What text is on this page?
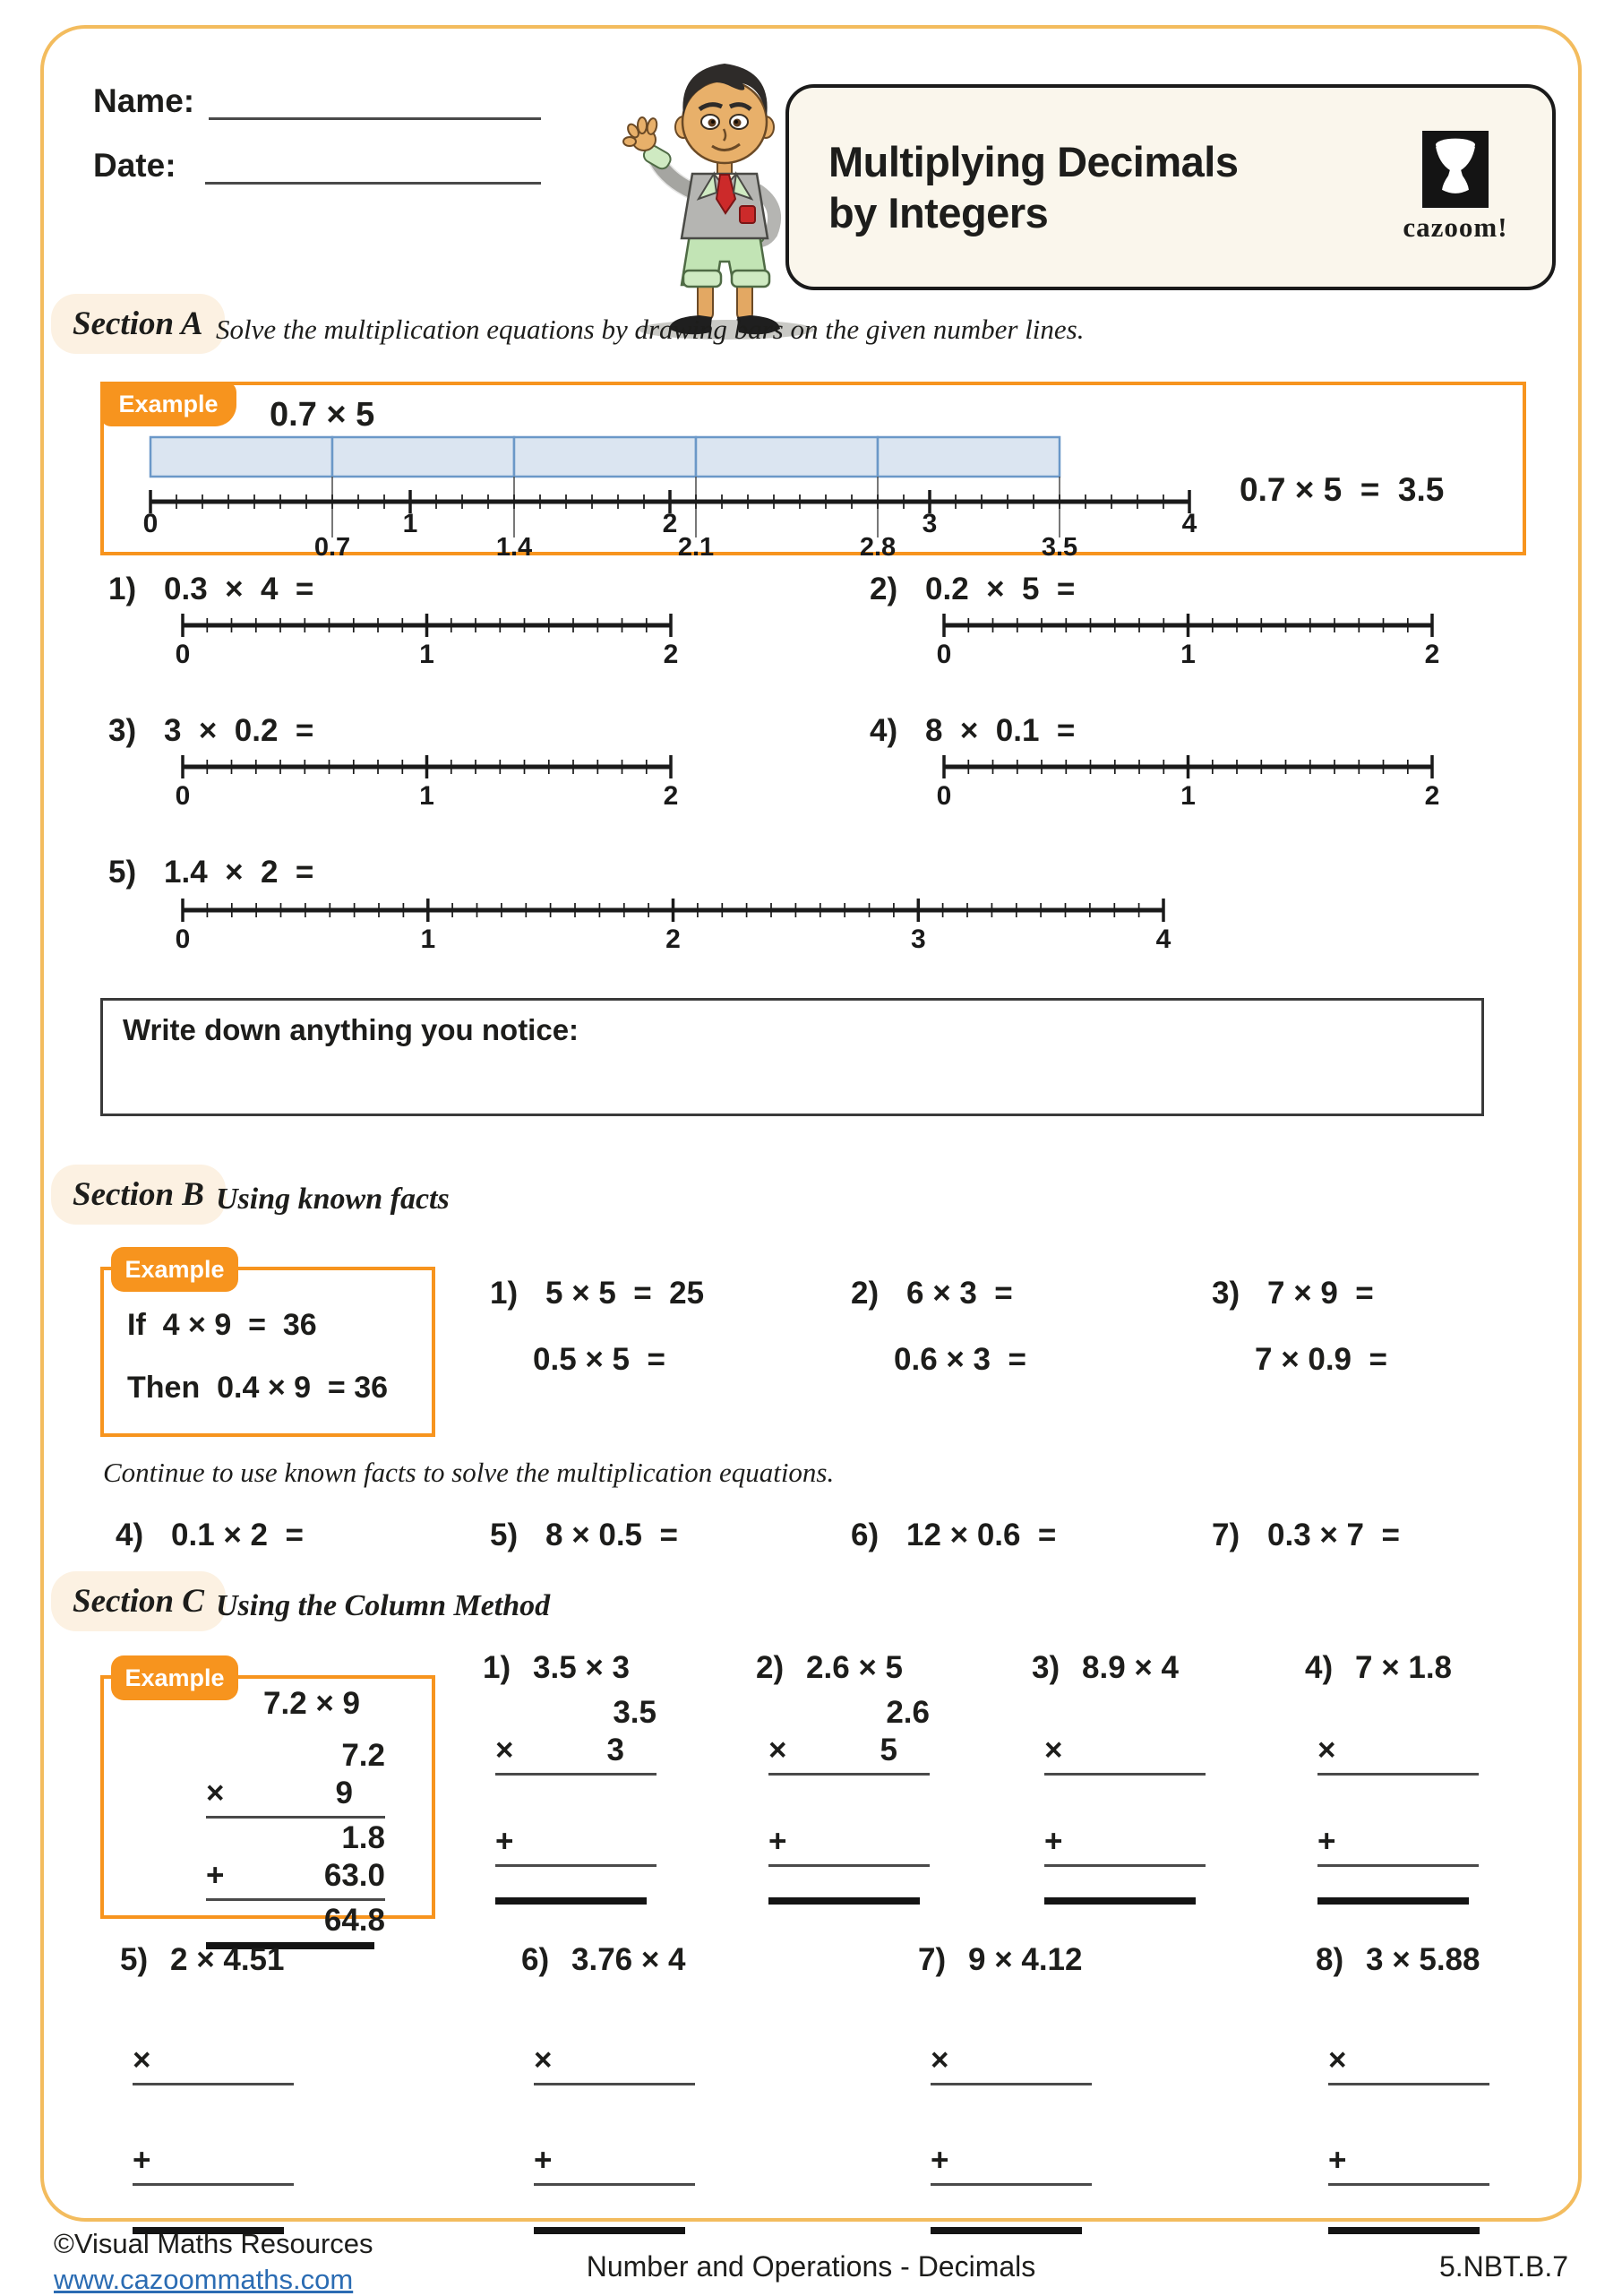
Name:
Date:	Multiplying Decimals
by Integers	cazoom!
Section A Solve the multiplication equations by drawing bars on the given number lines.
Example	0.7 × 5
0.7	1.4	2.1	2.8	3.5
0	1	2	3	4
0.7 × 5  =  3.5
1) 0.3  ×  4  =
0	1	2
2) 0.2  ×  5  =
0	1	2
3) 3  ×  0.2  =
0	1	2
4) 8  ×  0.1  =
0	1	2
5) 1.4  ×  2  =
0	1	2	3	4
Write down anything you notice:
Section B Using known facts
Example
If  4 × 9  =  36
Then  0.4 × 9  = 36
1) 5 × 5  =  25
0.5 × 5  =
2) 6 × 3  =
0.6 × 3  =
3) 7 × 9  =
7 × 0.9  =
Continue to use known facts to solve the multiplication equations.
4) 0.1 × 2  =	5) 8 × 0.5  =	6) 12 × 0.6  =	7) 0.3 × 7  =
Section C Using the Column Method
Example
7.2 × 9
7.2
×	9
1.8
+	63.0
64.8
1) 3.5 × 3
3.5
×	3
+
2) 2.6 × 5
2.6
×	5
+
3) 8.9 × 4
×
+
4) 7 × 1.8
×
+
5) 2 × 4.51
×
+
6) 3.76 × 4
×
+
7) 9 × 4.12
×
+
8) 3 × 5.88
×
+
©Visual Maths Resources
www.cazoommaths.com	Number and Operations - Decimals	5.NBT.B.7
